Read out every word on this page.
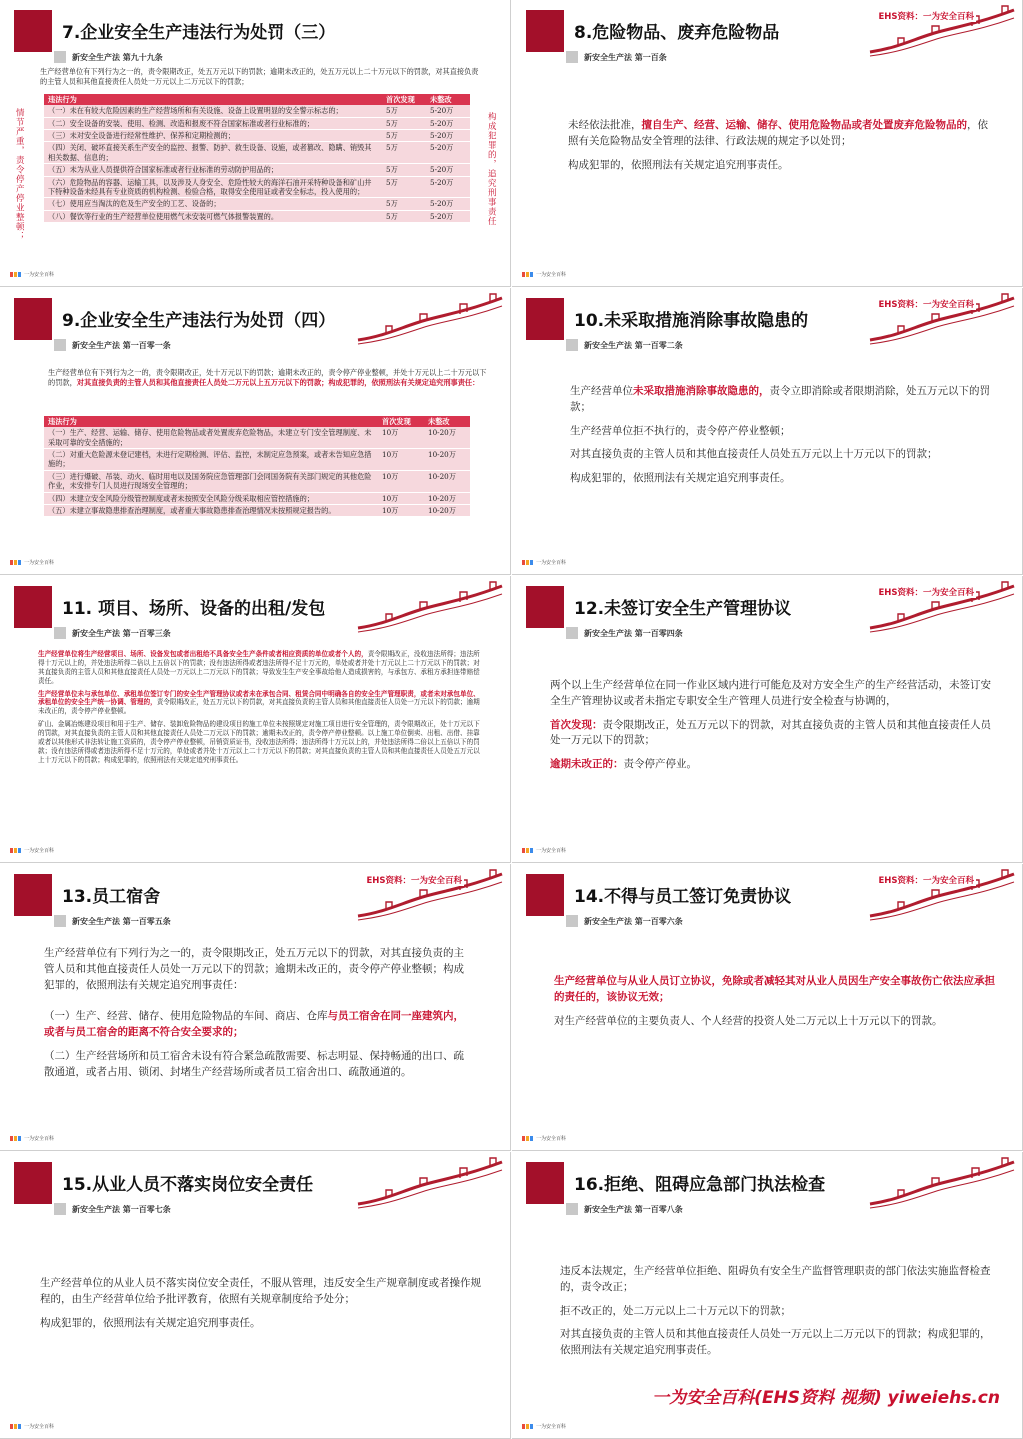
7.企业安全生产违法行为处罚（三）
新安全生产法 第九十九条
生产经营单位有下列行为之一的，责令限期改正，处五万元以下的罚款；逾期未改正的，处五万元以上二十万元以下的罚款，对其直接负责的主管人员和其他直接责任人员处一万元以上二万元以下的罚款；
情节严重，责令停产停业整顿；	构成犯罪的，追究刑事责任
违法行为	首次发现	未整改
（一）未在有较大危险因素的生产经营场所和有关设施、设备上设置明显的安全警示标志的；	5万	5-20万
（二）安全设备的安装、使用、检测、改造和报废不符合国家标准或者行业标准的；	5万	5-20万
（三）未对安全设备进行经常性维护、保养和定期检测的；	5万	5-20万
（四）关闭、破坏直接关系生产安全的监控、报警、防护、救生设备、设施，或者篡改、隐瞒、销毁其相关数据、信息的；	5万	5-20万
（五）未为从业人员提供符合国家标准或者行业标准的劳动防护用品的；	5万	5-20万
（六）危险物品的容器、运输工具，以及涉及人身安全、危险性较大的海洋石油开采特种设备和矿山井下特种设备未经具有专业资质的机构检测、检验合格，取得安全使用证或者安全标志，投入使用的；	5万	5-20万
（七）使用应当淘汰的危及生产安全的工艺、设备的；	5万	5-20万
（八）餐饮等行业的生产经营单位使用燃气未安装可燃气体报警装置的。	5万	5-20万
一为安全百科
8.危险物品、废弃危险物品
新安全生产法 第一百条
EHS资料：一为安全百科

未经依法批准，擅自生产、经营、运输、储存、使用危险物品或者处置废弃危险物品的，依照有关危险物品安全管理的法律、行政法规的规定予以处罚；

构成犯罪的，依照刑法有关规定追究刑事责任。

一为安全百科
9.企业安全生产违法行为处罚（四）
新安全生产法 第一百零一条
生产经营单位有下列行为之一的，责令限期改正，处十万元以下的罚款；逾期未改正的，责令停产停业整顿，并处十万元以上二十万元以下的罚款，对其直接负责的主管人员和其他直接责任人员处二万元以上五万元以下的罚款；构成犯罪的，依照刑法有关规定追究刑事责任：
违法行为	首次发现	未整改
（一）生产、经营、运输、储存、使用危险物品或者处置废弃危险物品，未建立专门安全管理制度、未采取可靠的安全措施的；	10万	10-20万
（二）对重大危险源未登记建档，未进行定期检测、评估、监控，未制定应急预案，或者未告知应急措施的；	10万	10-20万
（三）进行爆破、吊装、动火、临时用电以及国务院应急管理部门会同国务院有关部门规定的其他危险作业，未安排专门人员进行现场安全管理的；	10万	10-20万
（四）未建立安全风险分级管控制度或者未按照安全风险分级采取相应管控措施的；	10万	10-20万
（五）未建立事故隐患排查治理制度，或者重大事故隐患排查治理情况未按照规定报告的。	10万	10-20万
一为安全百科
10.未采取措施消除事故隐患的
新安全生产法 第一百零二条
EHS资料：一为安全百科

生产经营单位未采取措施消除事故隐患的，责令立即消除或者限期消除，处五万元以下的罚款；

生产经营单位拒不执行的，责令停产停业整顿；

对其直接负责的主管人员和其他直接责任人员处五万元以上十万元以下的罚款；

构成犯罪的，依照刑法有关规定追究刑事责任。

一为安全百科
11. 项目、场所、设备的出租/发包
新安全生产法 第一百零三条

生产经营单位将生产经营项目、场所、设备发包或者出租给不具备安全生产条件或者相应资质的单位或者个人的，责令限期改正，没收违法所得；违法所得十万元以上的，并处违法所得二倍以上五倍以下的罚款；没有违法所得或者违法所得不足十万元的，单处或者并处十万元以上二十万元以下的罚款；对其直接负责的主管人员和其他直接责任人员处一万元以上二万元以下的罚款；导致发生生产安全事故给他人造成损害的，与承包方、承租方承担连带赔偿责任。

生产经营单位未与承包单位、承租单位签订专门的安全生产管理协议或者未在承包合同、租赁合同中明确各自的安全生产管理职责，或者未对承包单位、承租单位的安全生产统一协调、管理的，责令限期改正，处五万元以下的罚款，对其直接负责的主管人员和其他直接责任人员处一万元以下的罚款；逾期未改正的，责令停产停业整顿。

矿山、金属冶炼建设项目和用于生产、储存、装卸危险物品的建设项目的施工单位未按照规定对施工项目进行安全管理的，责令限期改正，处十万元以下的罚款，对其直接负责的主管人员和其他直接责任人员处二万元以下的罚款；逾期未改正的，责令停产停业整顿。以上施工单位倒卖、出租、出借、挂靠或者以其他形式非法转让施工资质的，责令停产停业整顿，吊销资质证书，没收违法所得；违法所得十万元以上的，并处违法所得二倍以上五倍以下的罚款；没有违法所得或者违法所得不足十万元的，单处或者并处十万元以上二十万元以下的罚款；对其直接负责的主管人员和其他直接责任人员处五万元以上十万元以下的罚款；构成犯罪的，依照刑法有关规定追究刑事责任。

一为安全百科
12.未签订安全生产管理协议
新安全生产法 第一百零四条
EHS资料：一为安全百科

两个以上生产经营单位在同一作业区域内进行可能危及对方安全生产的生产经营活动，未签订安全生产管理协议或者未指定专职安全生产管理人员进行安全检查与协调的，

首次发现：责令限期改正，处五万元以下的罚款，对其直接负责的主管人员和其他直接责任人员处一万元以下的罚款；

逾期未改正的：责令停产停业。

一为安全百科
13.员工宿舍
新安全生产法 第一百零五条
EHS资料：一为安全百科

生产经营单位有下列行为之一的，责令限期改正，处五万元以下的罚款，对其直接负责的主管人员和其他直接责任人员处一万元以下的罚款；逾期未改正的，责令停产停业整顿；构成犯罪的，依照刑法有关规定追究刑事责任：

（一）生产、经营、储存、使用危险物品的车间、商店、仓库与员工宿舍在同一座建筑内，或者与员工宿舍的距离不符合安全要求的；

（二）生产经营场所和员工宿舍未设有符合紧急疏散需要、标志明显、保持畅通的出口、疏散通道，或者占用、锁闭、封堵生产经营场所或者员工宿舍出口、疏散通道的。

一为安全百科
14.不得与员工签订免责协议
新安全生产法 第一百零六条
EHS资料：一为安全百科

生产经营单位与从业人员订立协议，免除或者减轻其对从业人员因生产安全事故伤亡依法应承担的责任的，该协议无效；

对生产经营单位的主要负责人、个人经营的投资人处二万元以上十万元以下的罚款。

一为安全百科
15.从业人员不落实岗位安全责任
新安全生产法 第一百零七条

生产经营单位的从业人员不落实岗位安全责任，不服从管理，违反安全生产规章制度或者操作规程的，由生产经营单位给予批评教育，依照有关规章制度给予处分；

构成犯罪的，依照刑法有关规定追究刑事责任。

一为安全百科
16.拒绝、阻碍应急部门执法检查
新安全生产法 第一百零八条

违反本法规定，生产经营单位拒绝、阻碍负有安全生产监督管理职责的部门依法实施监督检查的，责令改正；

拒不改正的，处二万元以上二十万元以下的罚款；

对其直接负责的主管人员和其他直接责任人员处一万元以上二万元以下的罚款；构成犯罪的，依照刑法有关规定追究刑事责任。

一为安全百科(EHS资料 视频) yiweiehs.cn
一为安全百科
